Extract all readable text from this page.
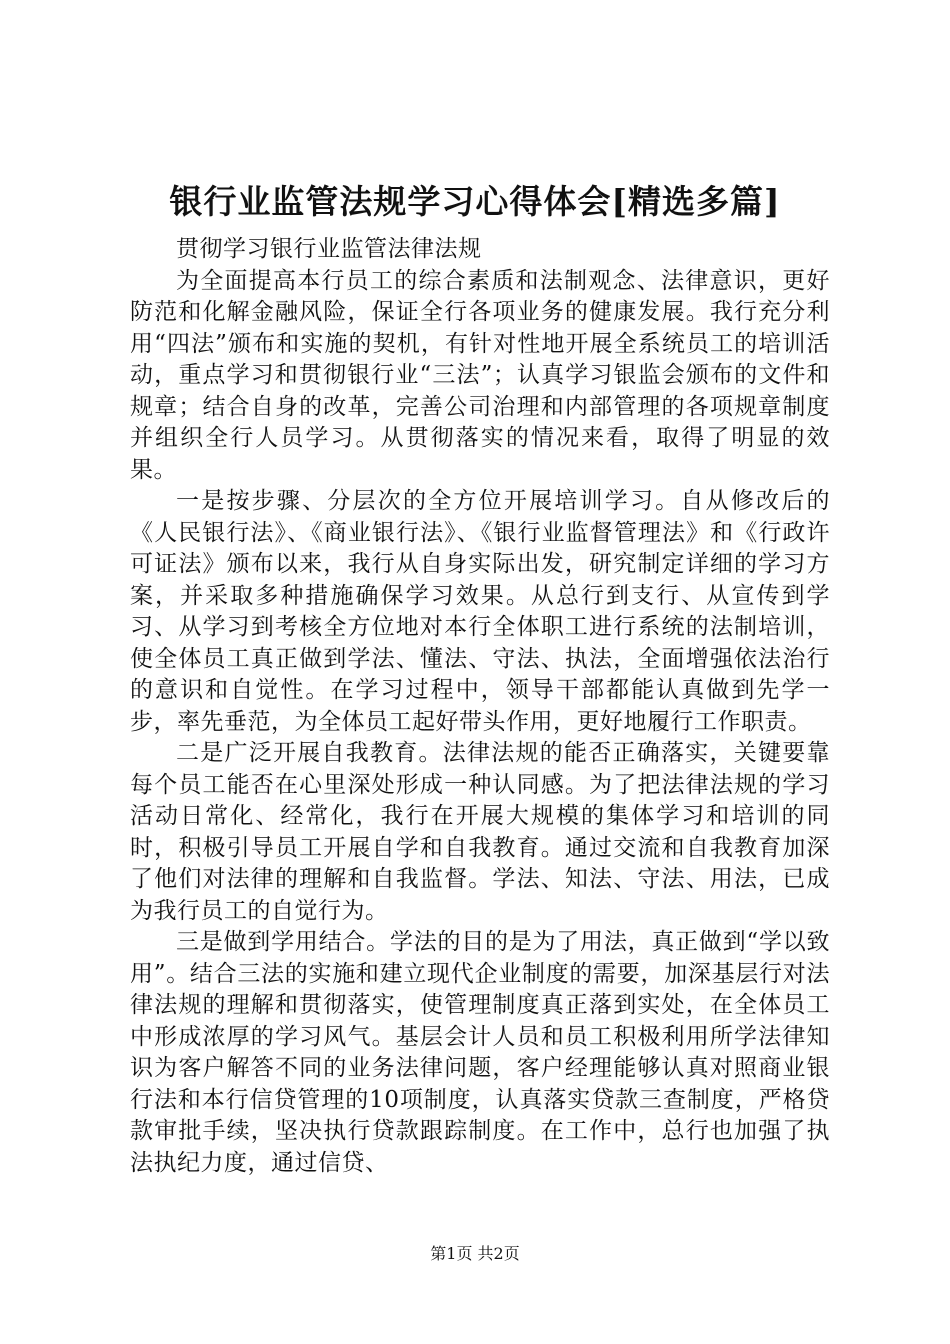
银行业监管法规学习心得体会[精选多篇]

贯彻学习银行业监管法律法规

为全面提高本行员工的综合素质和法制观念、法律意识，更好防范和化解金融风险，保证全行各项业务的健康发展。我行充分利用“四法”颁布和实施的契机，有针对性地开展全系统员工的培训活动，重点学习和贯彻银行业“三法”；认真学习银监会颁布的文件和规章；结合自身的改革，完善公司治理和内部管理的各项规章制度并组织全行人员学习。从贯彻落实的情况来看，取得了明显的效果。

一是按步骤、分层次的全方位开展培训学习。自从修改后的《人民银行法》、《商业银行法》、《银行业监督管理法》和《行政许可证法》颁布以来，我行从自身实际出发，研究制定详细的学习方案，并采取多种措施确保学习效果。从总行到支行、从宣传到学习、从学习到考核全方位地对本行全体职工进行系统的法制培训，使全体员工真正做到学法、懂法、守法、执法，全面增强依法治行的意识和自觉性。在学习过程中，领导干部都能认真做到先学一步，率先垂范，为全体员工起好带头作用，更好地履行工作职责。

二是广泛开展自我教育。法律法规的能否正确落实，关键要靠每个员工能否在心里深处形成一种认同感。为了把法律法规的学习活动日常化、经常化，我行在开展大规模的集体学习和培训的同时，积极引导员工开展自学和自我教育。通过交流和自我教育加深了他们对法律的理解和自我监督。学法、知法、守法、用法，已成为我行员工的自觉行为。

三是做到学用结合。学法的目的是为了用法，真正做到“学以致用”。结合三法的实施和建立现代企业制度的需要，加深基层行对法律法规的理解和贯彻落实，使管理制度真正落到实处，在全体员工中形成浓厚的学习风气。基层会计人员和员工积极利用所学法律知识为客户解答不同的业务法律问题，客户经理能够认真对照商业银行法和本行信贷管理的10项制度，认真落实贷款三查制度，严格贷款审批手续，坚决执行贷款跟踪制度。在工作中，总行也加强了执法执纪力度，通过信贷、

第1页 共2页
